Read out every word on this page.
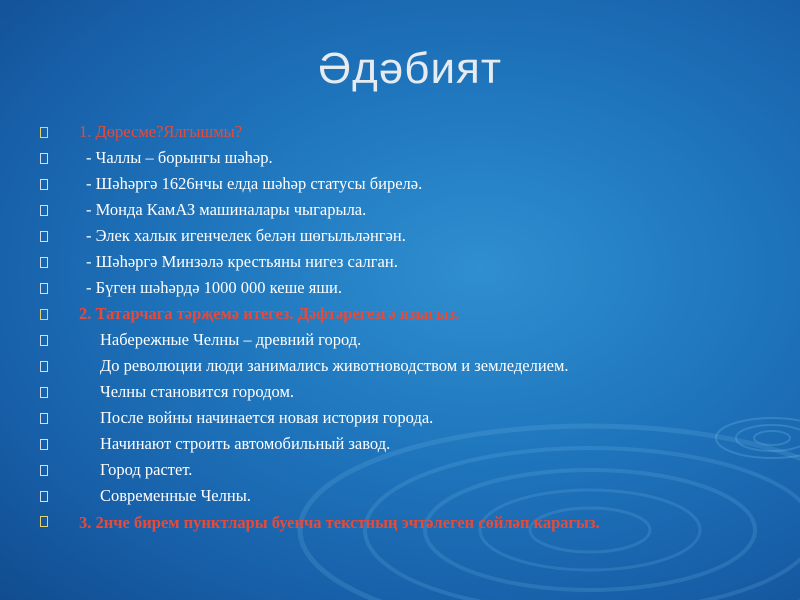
Әдәбият
1. Дөресме?Ялгышмы?
- Чаллы – борынгы шәһәр.
- Шәһәргә 1626нчы елда шәһәр статусы бирелә.
- Монда КамАЗ машиналары чыгарыла.
- Элек халык игенчелек белән шөгыльләнгән.
- Шәһәргә Минзәлә крестьяны нигез салган.
- Бүген шәһәрдә 1000 000 кеше яши.
2. Татарчага тәрҗемә итегез. Дәфтәрегезгә языгыз.
Набережные Челны – древний город.
До революции люди занимались животноводством и земледелием.
Челны становится городом.
После войны начинается новая история города.
Начинают строить автомобильный завод.
Город растет.
Современные Челны.
3. 2нче бирем пунктлары буенча текстның эчтәлеген сөйләп карагыз.
